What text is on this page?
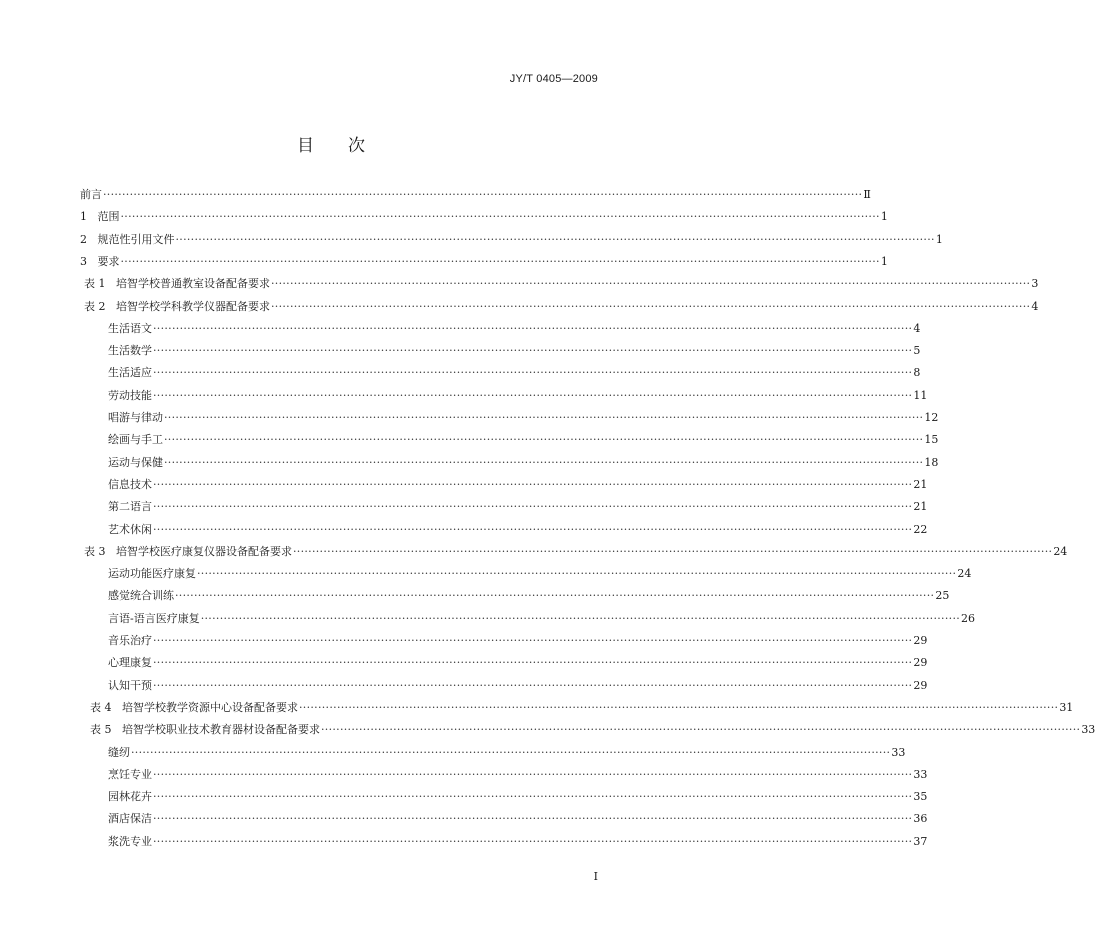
JY/T 0405—2009
目次
前言 ········································································································································································································ Ⅱ
1   范围 ········································································································································································································ 1
2   规范性引用文件 ········································································································································································································ 1
3   要求 ········································································································································································································ 1
表 1   培智学校普通教室设备配备要求 ········································································································································································································ 3
表 2   培智学校学科教学仪器配备要求 ········································································································································································································ 4
生活语文 ········································································································································································································ 4
生活数学 ········································································································································································································ 5
生活适应 ········································································································································································································ 8
劳动技能 ········································································································································································································ 11
唱游与律动 ········································································································································································································ 12
绘画与手工 ········································································································································································································ 15
运动与保健 ········································································································································································································ 18
信息技术 ········································································································································································································ 21
第二语言 ········································································································································································································ 21
艺术休闲 ········································································································································································································ 22
表 3   培智学校医疗康复仪器设备配备要求 ········································································································································································································ 24
运动功能医疗康复 ········································································································································································································ 24
感觉统合训练 ········································································································································································································ 25
言语-语言医疗康复 ········································································································································································································ 26
音乐治疗 ········································································································································································································ 29
心理康复 ········································································································································································································ 29
认知干预 ········································································································································································································ 29
表 4   培智学校教学资源中心设备配备要求 ········································································································································································································ 31
表 5   培智学校职业技术教育器材设备配备要求 ········································································································································································································ 33
缝纫 ········································································································································································································ 33
烹饪专业 ········································································································································································································ 33
园林花卉 ········································································································································································································ 35
酒店保洁 ········································································································································································································ 36
浆洗专业 ········································································································································································································ 37
I
